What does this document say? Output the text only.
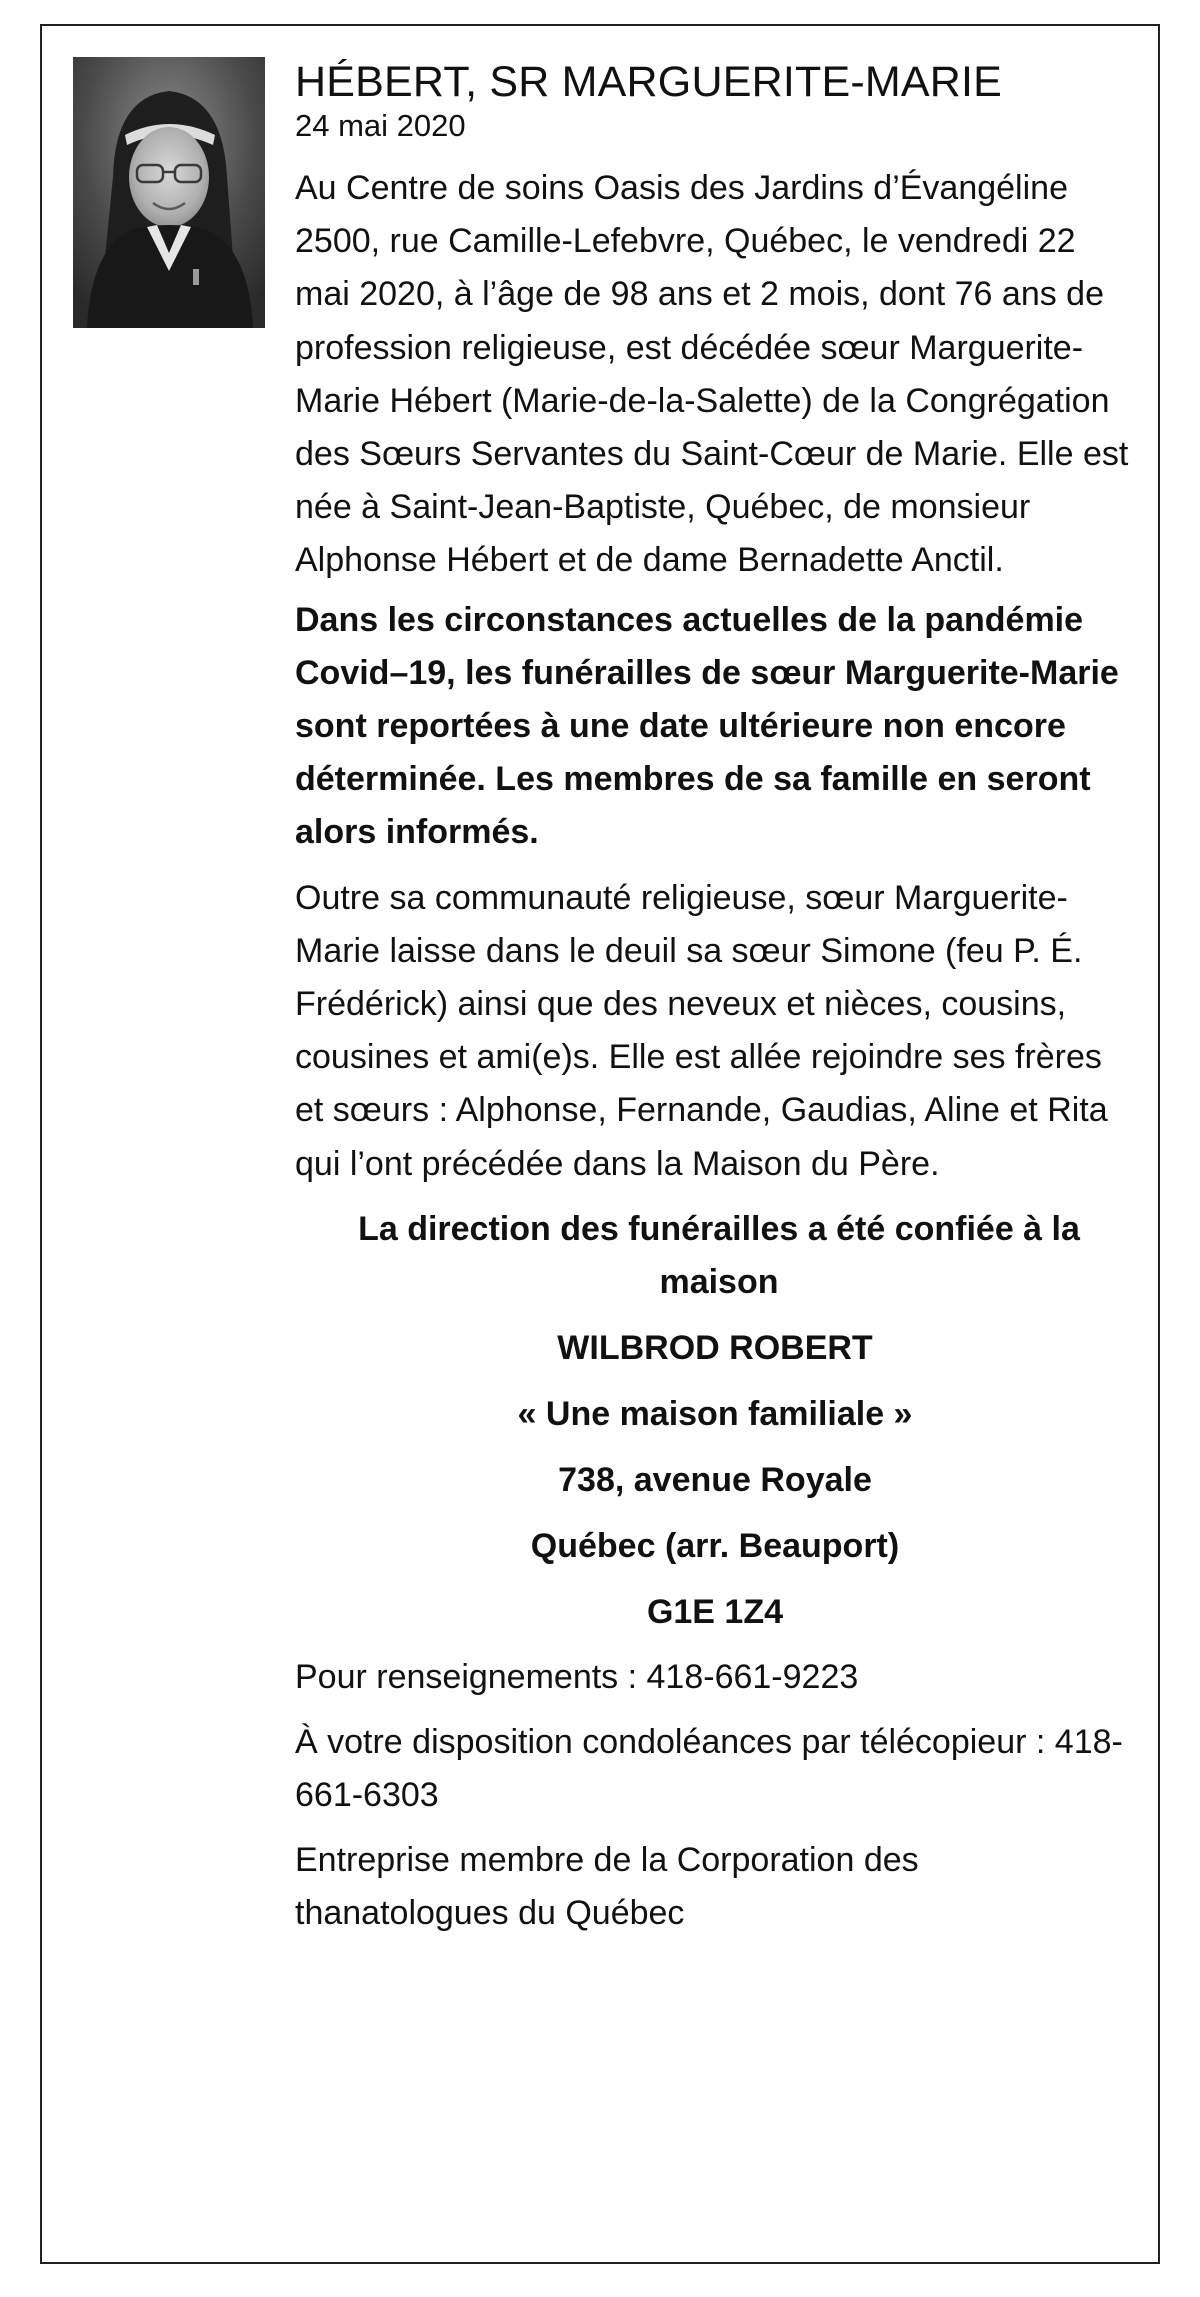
HÉBERT, SR MARGUERITE-MARIE
24 mai 2020

Au Centre de soins Oasis des Jardins d’Évangéline 2500, rue Camille-Lefebvre, Québec, le vendredi 22 mai 2020, à l’âge de 98 ans et 2 mois, dont 76 ans de profession religieuse, est décédée sœur Marguerite-Marie Hébert (Marie-de-la-Salette) de la Congrégation des Sœurs Servantes du Saint-Cœur de Marie. Elle est née à Saint-Jean-Baptiste, Québec, de monsieur Alphonse Hébert et de dame Bernadette Anctil.

Dans les circonstances actuelles de la pandémie Covid–19, les funérailles de sœur Marguerite-Marie sont reportées à une date ultérieure non encore déterminée. Les membres de sa famille en seront alors informés.

Outre sa communauté religieuse, sœur Marguerite-Marie laisse dans le deuil sa sœur Simone (feu P. É. Frédérick) ainsi que des neveux et nièces, cousins, cousines et ami(e)s. Elle est allée rejoindre ses frères et sœurs : Alphonse, Fernande, Gaudias, Aline et Rita qui l’ont précédée dans la Maison du Père.

La direction des funérailles a été confiée à la maison
WILBROD ROBERT
« Une maison familiale »
738, avenue Royale
Québec (arr. Beauport)
G1E 1Z4

Pour renseignements : 418-661-9223

À votre disposition condoléances par télécopieur : 418-661-6303

Entreprise membre de la Corporation des thanatologues du Québec
